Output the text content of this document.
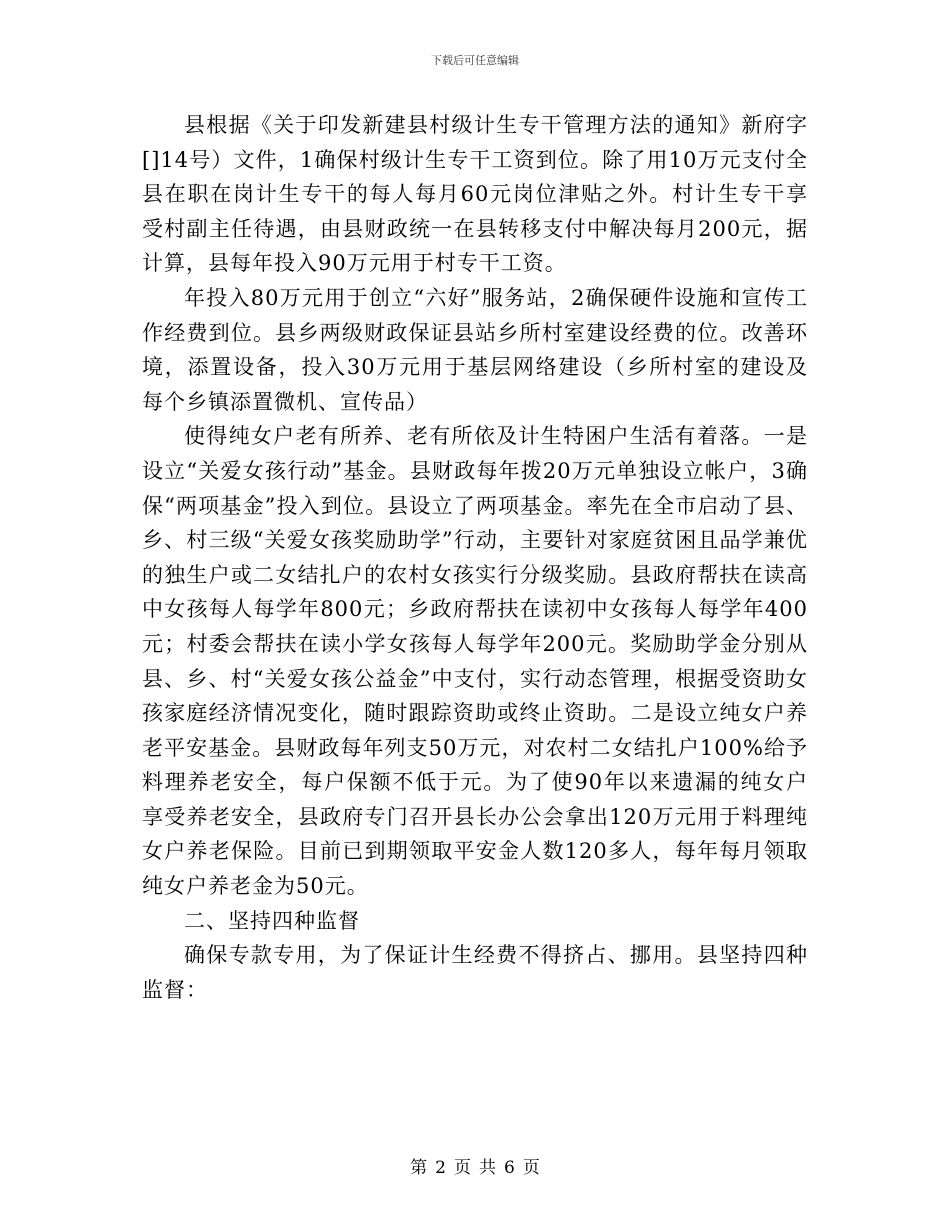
下载后可任意编辑

县根据《关于印发新建县村级计生专干管理方法的通知》新府字[]14号）文件，1确保村级计生专干工资到位。除了用10万元支付全县在职在岗计生专干的每人每月60元岗位津贴之外。村计生专干享受村副主任待遇，由县财政统一在县转移支付中解决每月200元，据计算，县每年投入90万元用于村专干工资。

年投入80万元用于创立“六好”服务站，2确保硬件设施和宣传工作经费到位。县乡两级财政保证县站乡所村室建设经费的位。改善环境，添置设备，投入30万元用于基层网络建设（乡所村室的建设及每个乡镇添置微机、宣传品）

使得纯女户老有所养、老有所依及计生特困户生活有着落。一是设立“关爱女孩行动”基金。县财政每年拨20万元单独设立帐户，3确保“两项基金”投入到位。县设立了两项基金。率先在全市启动了县、乡、村三级“关爱女孩奖励助学”行动，主要针对家庭贫困且品学兼优的独生户或二女结扎户的农村女孩实行分级奖励。县政府帮扶在读高中女孩每人每学年800元；乡政府帮扶在读初中女孩每人每学年400元；村委会帮扶在读小学女孩每人每学年200元。奖励助学金分别从县、乡、村“关爱女孩公益金”中支付，实行动态管理，根据受资助女孩家庭经济情况变化，随时跟踪资助或终止资助。二是设立纯女户养老平安基金。县财政每年列支50万元，对农村二女结扎户100%给予料理养老安全，每户保额不低于元。为了使90年以来遗漏的纯女户享受养老安全，县政府专门召开县长办公会拿出120万元用于料理纯女户养老保险。目前已到期领取平安金人数120多人，每年每月领取纯女户养老金为50元。

二、坚持四种监督

确保专款专用，为了保证计生经费不得挤占、挪用。县坚持四种监督：

第 2 页 共 6 页
